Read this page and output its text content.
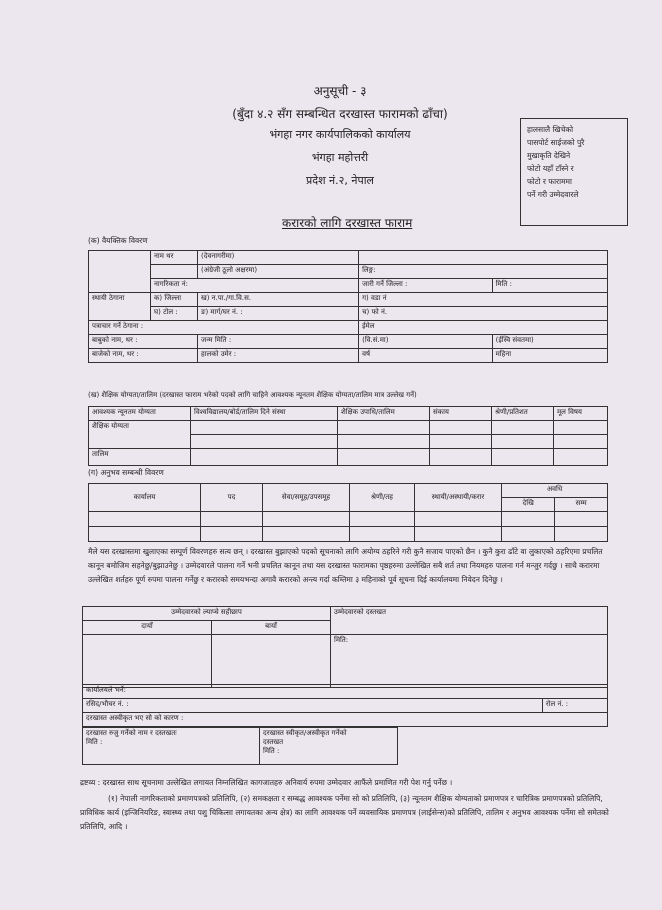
अनुसूची - ३
(बुँदा ४.२ सँग सम्बन्धित दरखास्त फारामको ढाँचा)
भंगहा नगर कार्यपालिकको कार्यालय
भंगहा महोत्तरी
प्रदेश नं.२, नेपाल
हालसालै खिचेको
पासपोर्ट साईजको पुरै
मुखाकृति देखिने
फोटो यहाँ टाँस्ने र
फोटो र फाराममा
पर्ने गरी उम्मेदवारले
करारको लागि दरखास्त फाराम
(क) वैयक्तिक विवरण
	नाम थर	(देवनागरीमा)		
		(अंग्रेजी ठूलो अक्षरमा)	लिङ्ग:	
	नागरिकता नं:		जारी गर्ने जिल्ला :	मिति :
स्थायी ठेगाना	क) जिल्ला	ख) न.पा./गा.वि.स.	ग) वडा नं	
	घ) टोल :	ङ) मार्ग/घर नं. :	च) फो नं.	
पत्राचार गर्ने ठेगाना :			ईमेल	
बाबुको नाम, थर :		जन्म मिति :	(वि.सं.मा)	(ईस्वि संवतमा)
बाजेको नाम, थर :		हालको उमेर :	वर्ष	महिना
(ख) शैक्षिक योग्यता/तालिम (दरखास्त फाराम भरेको पदको लागि चाहिने आवश्यक न्यूनतम शैक्षिक योग्यता/तालिम मात्र उल्लेख गर्ने)
आवश्यक न्यूनतम योग्यता	विश्वविद्यालय/बोर्ड/तालिम दिने संस्था	शैक्षिक उपाधि/तालिम	संकाय	श्रेणी/प्रतिशत	मूल विषय
शैक्षिक योग्यता					

तालिम					
(ग) अनुभव सम्बन्धी विवरण
कार्यालय	पद	सेवा/समूह/उपसमूह	श्रेणी/तह	स्थायी/अस्थायी/करार	अवधि	
					देखि	सम्म

मैले यस दरखास्तमा खुलाएका सम्पूर्ण विवरणहरु सत्य छन् । दरखास्त बुझाएको पदको सूचनाको लागि अयोग्य ठहरिने गरी कुनै सजाय पाएको छैन । कुनै कुरा ढाँटे वा लुकाएको ठहरिएमा प्रचलित कानून बमोजिम सहनेछु/बुझाउनेछु । उम्मेदवारले पालना गर्ने भनी प्रचलित कानून तथा यस दरखास्त फारामका पृष्ठहरुमा उल्लेखित सबै शर्त तथा नियमहरु पालना गर्न मन्जुर गर्दछु । साथै करारमा उल्लेखित शर्तहरु पूर्ण रुपमा पालना गर्नेछु र करारको समयभन्दा अगावै करारको अन्त्य गर्दा कम्तिमा ३ महिनाको पूर्व सूचना दिई कार्यालयमा निवेदन दिनेछु ।
उम्मेदवारको ल्याप्चे सहीछाप		उम्मेदवारको दस्तखत
दायाँ	बायाँ	

		मिति:
कार्यालयले भर्ने:
रसिद/भौचर नं. :	रोल नं. :
दरखास्त अस्वीकृत भए सो को कारण :
दरखास्त रुजु गर्नेको नाम र दस्तखतः
मिति :

दरखास्त स्वीकृत/अस्वीकृत गर्नेको
दस्तखत
मिति :
द्रष्टव्य : दरखास्त साथ सूचनामा उल्लेखित लगायत निम्नलिखित कागजातहरु अनिवार्य रुपमा उम्मेदवार आफैंले प्रमाणित गरी पेश गर्नु पर्नेछ ।
(१) नेपाली नागरिकताको प्रमाणपत्रको प्रतिलिपि, (२) समकक्षता र सम्बद्ध आवश्यक पर्नेमा सो को प्रतिलिपि, (३) न्यूनतम शैक्षिक योग्यताको प्रमाणपत्र र चारित्रिक प्रमाणपत्रको प्रतिलिपि, प्राविधिक कार्य (इन्जिनियरिङ, स्वास्थ्य तथा पशु चिकित्सा लगायतका अन्य क्षेत्र) का लागि आवश्यक पर्ने व्यवसायिक प्रमाणपत्र (लाईसेन्स)को प्रतिलिपि, तालिम र अनुभव आवश्यक पर्नेमा सो समेतको प्रतिलिपि, आदि ।
